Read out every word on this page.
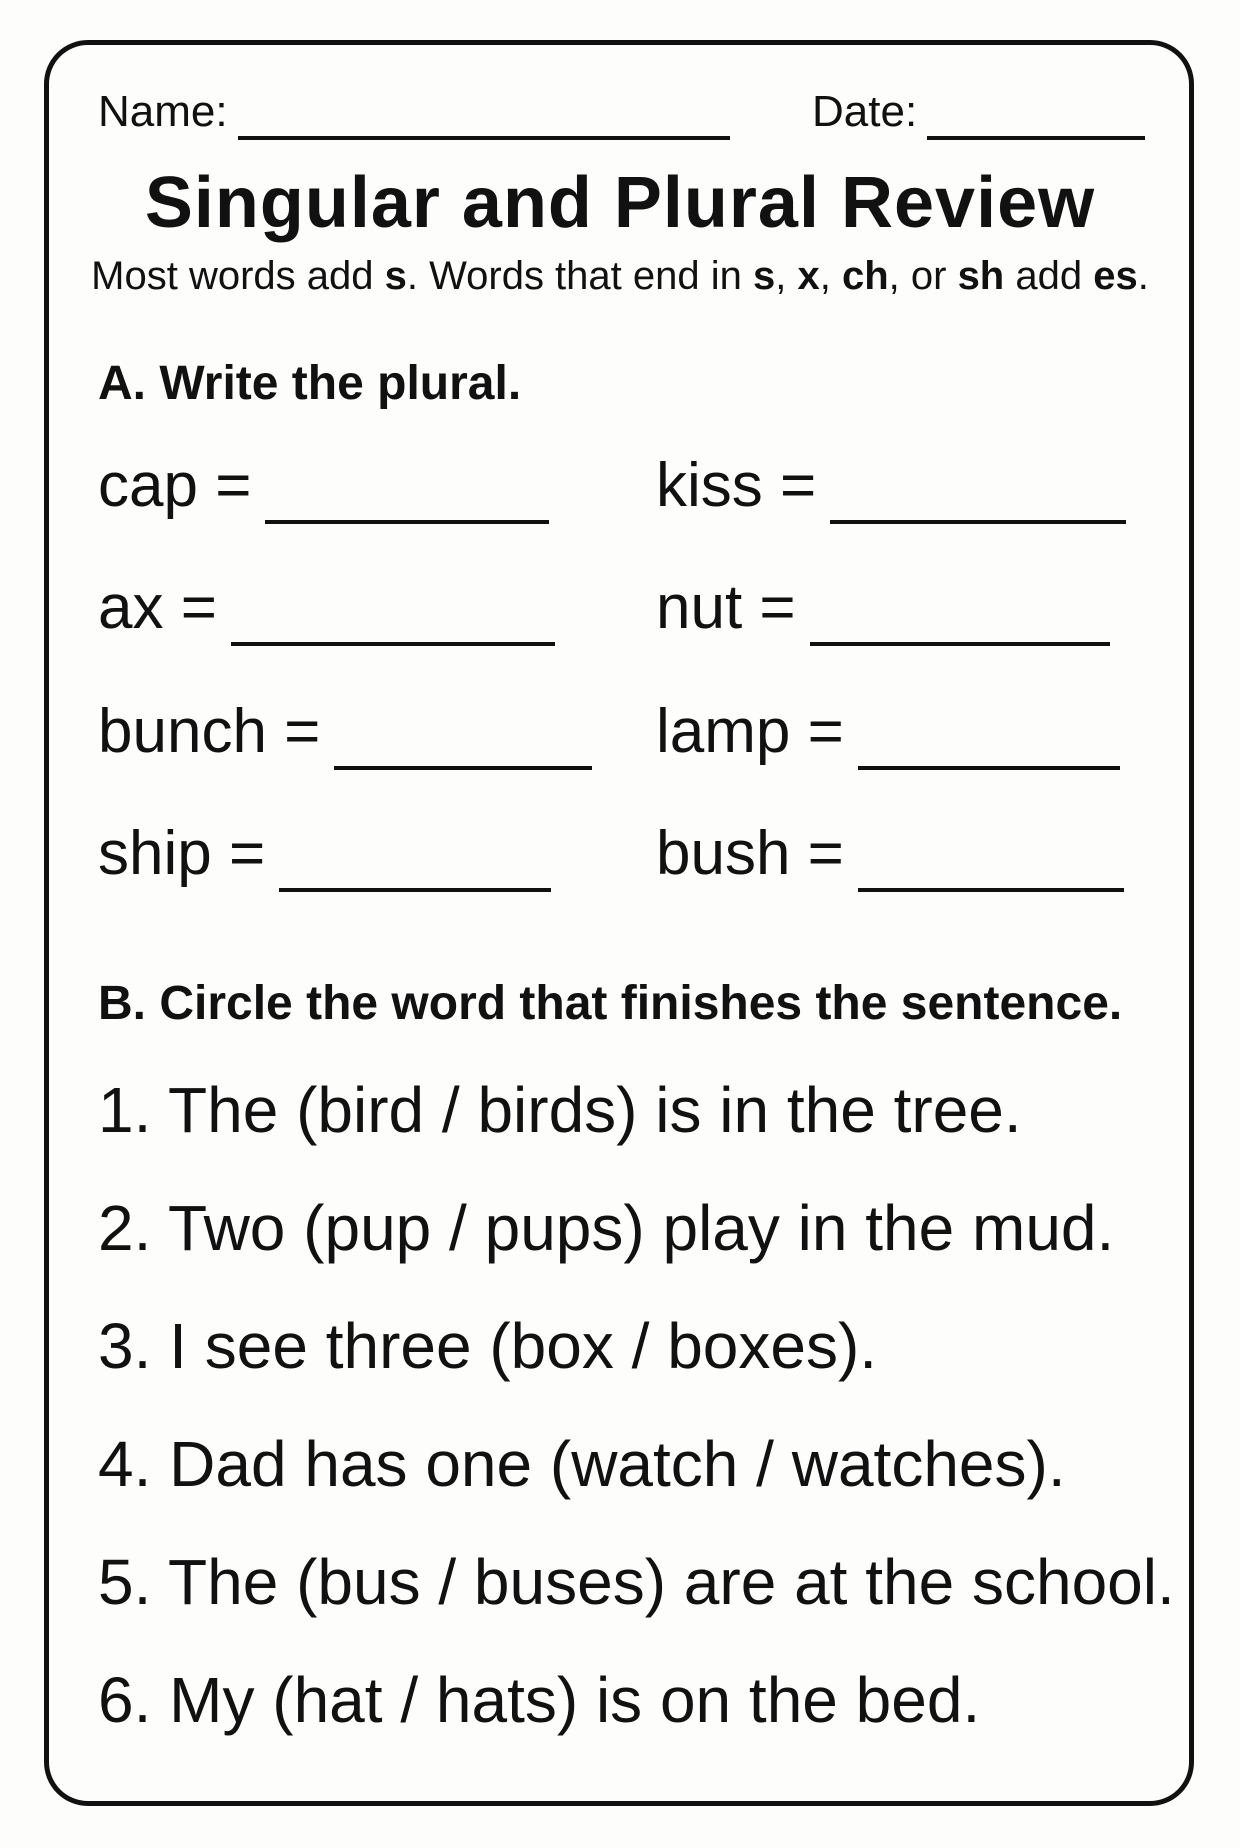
Name:	Date:
Singular and Plural Review
Most words add s. Words that end in s, x, ch, or sh add es.
A. Write the plural.
cap =	kiss =
ax =	nut =
bunch =	lamp =
ship =	bush =
B. Circle the word that finishes the sentence.
1. The (bird / birds) is in the tree.
2. Two (pup / pups) play in the mud.
3. I see three (box / boxes).
4. Dad has one (watch / watches).
5. The (bus / buses) are at the school.
6. My (hat / hats) is on the bed.
